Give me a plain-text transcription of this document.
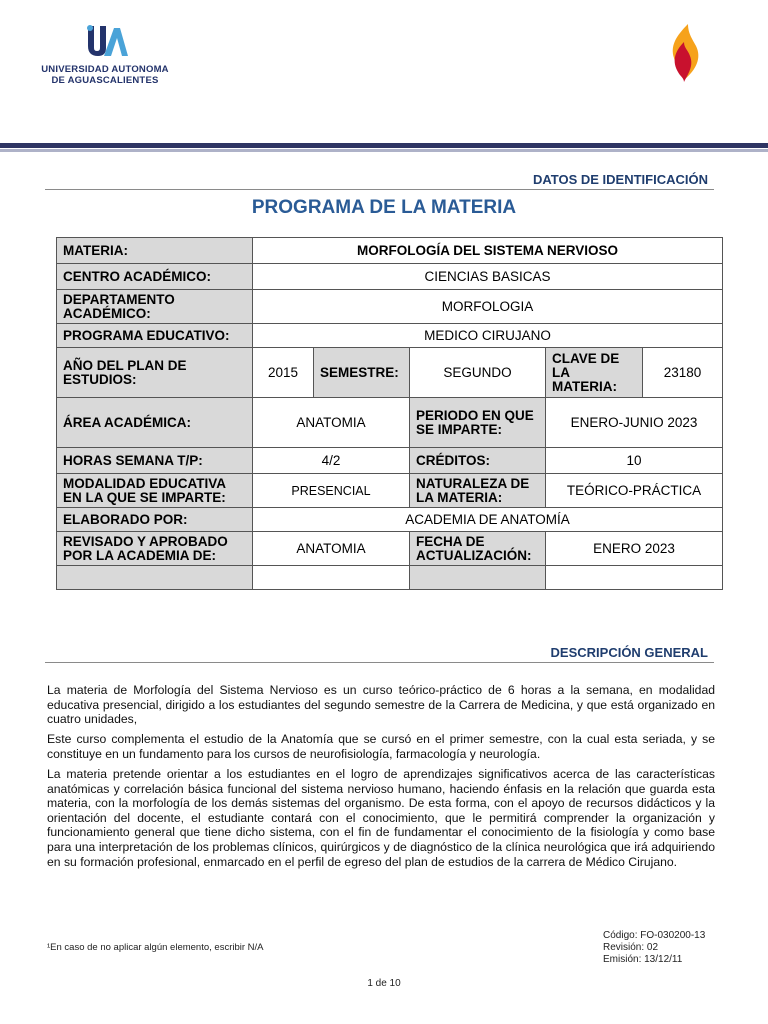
UNIVERSIDAD AUTONOMA
DE AGUASCALIENTES
DATOS DE IDENTIFICACIÓN
PROGRAMA DE LA MATERIA
MATERIA:	MORFOLOGÍA DEL SISTEMA NERVIOSO				
CENTRO ACADÉMICO:	CIENCIAS BASICAS				
DEPARTAMENTO ACADÉMICO:	MORFOLOGIA				
PROGRAMA EDUCATIVO:	MEDICO CIRUJANO				
AÑO DEL PLAN DE ESTUDIOS:	2015	SEMESTRE:	SEGUNDO	CLAVE DE LA MATERIA:	23180
ÁREA ACADÉMICA:	ANATOMIA		PERIODO EN QUE SE IMPARTE:	ENERO-JUNIO 2023	
HORAS SEMANA T/P:	4/2		CRÉDITOS:	10	
MODALIDAD EDUCATIVA EN LA QUE SE IMPARTE:	PRESENCIAL		NATURALEZA DE LA MATERIA:	TEÓRICO-PRÁCTICA	
ELABORADO POR:	ACADEMIA DE ANATOMÍA				
REVISADO Y APROBADO POR LA ACADEMIA DE:	ANATOMIA		FECHA DE ACTUALIZACIÓN:	ENERO 2023	

DESCRIPCIÓN GENERAL

La materia de Morfología del Sistema Nervioso es un curso teórico-práctico de 6 horas a la semana, en modalidad educativa presencial, dirigido a los estudiantes del segundo semestre de la Carrera de Medicina, y que está organizado en cuatro unidades,

Este curso complementa el estudio de la Anatomía que se cursó en el primer semestre, con la cual esta seriada, y se constituye en un fundamento para los cursos de neurofisiología, farmacología y neurología.

La materia pretende orientar a los estudiantes en el logro de aprendizajes significativos acerca de las características anatómicas y correlación básica funcional del sistema nervioso humano, haciendo énfasis en la relación que guarda esta materia, con la morfología de los demás sistemas del organismo. De esta forma, con el apoyo de recursos didácticos y la orientación del docente, el estudiante contará con el conocimiento, que le permitirá comprender la organización y funcionamiento general que tiene dicho sistema, con el fin de fundamentar el conocimiento de la fisiología y como base para una interpretación de los problemas clínicos, quirúrgicos y de diagnóstico de la clínica neurológica que irá adquiriendo en su formación profesional, enmarcado en el perfil de egreso del plan de estudios de la carrera de Médico Cirujano.

¹En caso de no aplicar algún elemento, escribir N/A
Código: FO-030200-13
Revisión: 02
Emisión: 13/12/11
1 de 10
